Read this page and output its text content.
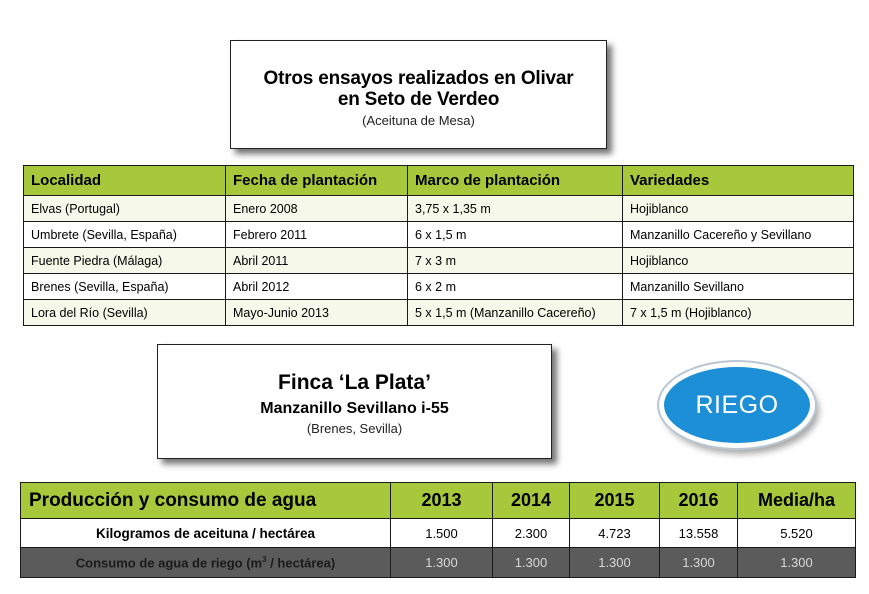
Otros ensayos realizados en Olivar
en Seto de Verdeo
(Aceituna de Mesa)
Localidad	Fecha de plantación	Marco de plantación	Variedades
Elvas (Portugal)	Enero 2008	3,75 x 1,35 m	Hojiblanco
Umbrete (Sevilla, España)	Febrero 2011	6 x 1,5 m	Manzanillo Cacereño y Sevillano
Fuente Piedra (Málaga)	Abril 2011	7 x 3 m	Hojiblanco
Brenes (Sevilla, España)	Abril 2012	6 x 2 m	Manzanillo Sevillano
Lora del Río (Sevilla)	Mayo-Junio 2013	5 x 1,5 m (Manzanillo Cacereño)	7 x 1,5 m (Hojiblanco)
Finca ‘La Plata’
Manzanillo Sevillano i-55
(Brenes, Sevilla)
RIEGO
Producción y consumo de agua	2013	2014	2015	2016	Media/ha
Kilogramos de aceituna / hectárea	1.500	2.300	4.723	13.558	5.520
Consumo de agua de riego ($m^3$ / hectárea)	1.300	1.300	1.300	1.300	1.300
